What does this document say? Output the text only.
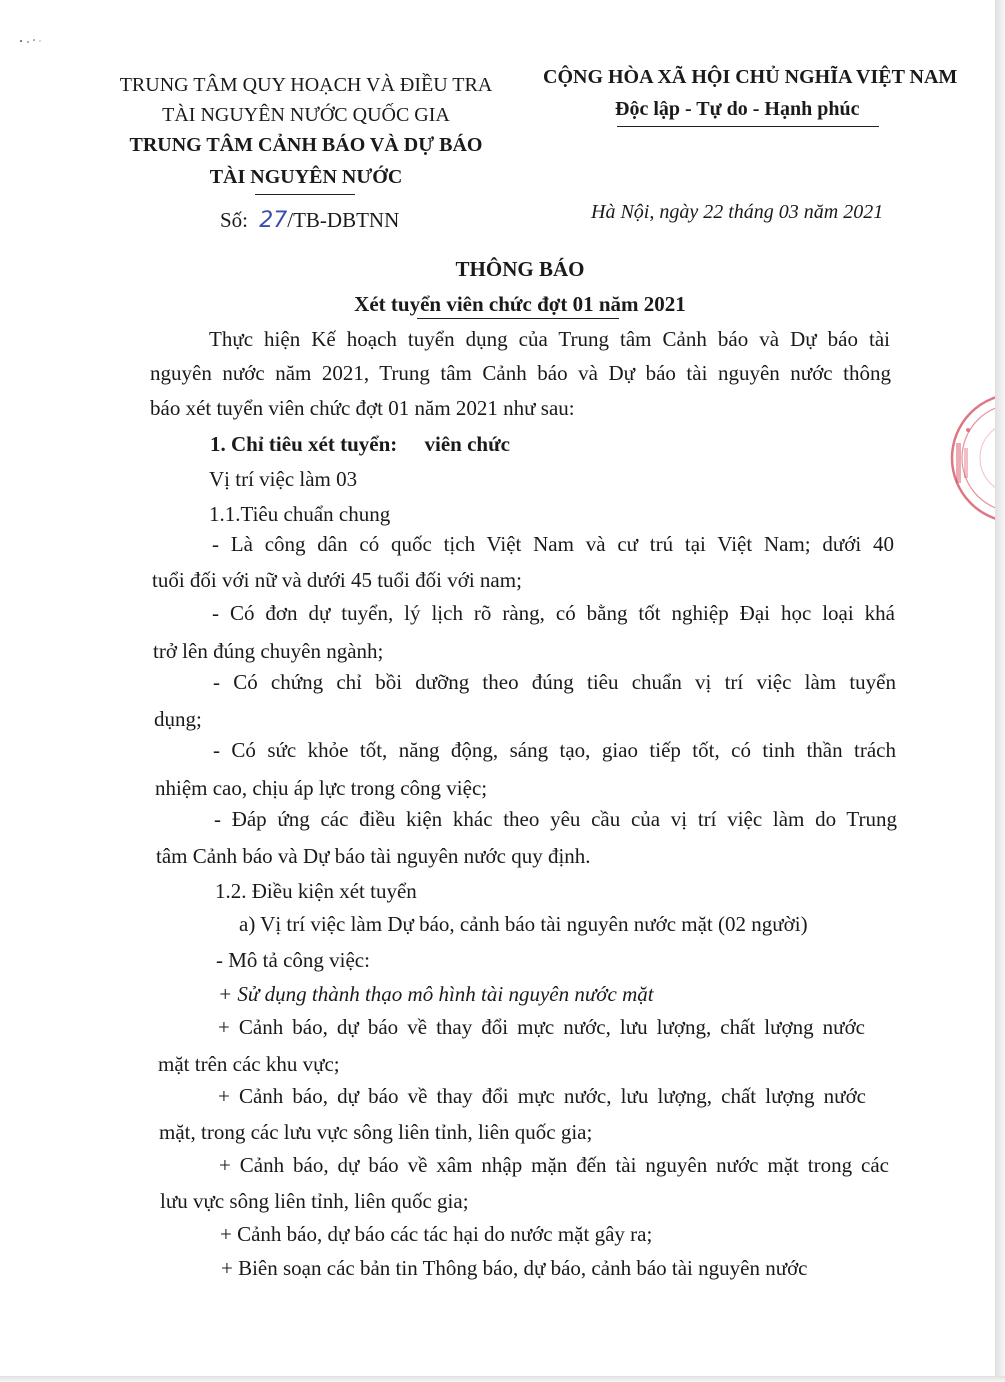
TRUNG TÂM QUY HOẠCH VÀ ĐIỀU TRA
TÀI NGUYÊN NƯỚC QUỐC GIA
TRUNG TÂM CẢNH BÁO VÀ DỰ BÁO
TÀI NGUYÊN NƯỚC
CỘNG HÒA XÃ HỘI CHỦ NGHĨA VIỆT NAM
Độc lập - Tự do - Hạnh phúc
Số: 27/TB-DBTNN	Hà Nội, ngày 22 tháng 03 năm 2021
THÔNG BÁO
Xét tuyển viên chức đợt 01 năm 2021
Thực hiện Kế hoạch tuyển dụng của Trung tâm Cảnh báo và Dự báo tài
nguyên nước năm 2021, Trung tâm Cảnh báo và Dự báo tài nguyên nước thông
báo xét tuyển viên chức đợt 01 năm 2021 như sau:
1. Chỉ tiêu xét tuyển: viên chức
Vị trí việc làm 03
1.1.Tiêu chuẩn chung
- Là công dân có quốc tịch Việt Nam và cư trú tại Việt Nam; dưới 40
tuổi đối với nữ và dưới 45 tuổi đối với nam;
- Có đơn dự tuyển, lý lịch rõ ràng, có bằng tốt nghiệp Đại học loại khá
trở lên đúng chuyên ngành;
- Có chứng chỉ bồi dưỡng theo đúng tiêu chuẩn vị trí việc làm tuyển
dụng;
- Có sức khỏe tốt, năng động, sáng tạo, giao tiếp tốt, có tinh thần trách
nhiệm cao, chịu áp lực trong công việc;
- Đáp ứng các điều kiện khác theo yêu cầu của vị trí việc làm do Trung
tâm Cảnh báo và Dự báo tài nguyên nước quy định.
1.2. Điều kiện xét tuyển
a) Vị trí việc làm Dự báo, cảnh báo tài nguyên nước mặt (02 người)
- Mô tả công việc:
+ Sử dụng thành thạo mô hình tài nguyên nước mặt
+ Cảnh báo, dự báo về thay đổi mực nước, lưu lượng, chất lượng nước
mặt trên các khu vực;
+ Cảnh báo, dự báo về thay đổi mực nước, lưu lượng, chất lượng nước
mặt, trong các lưu vực sông liên tỉnh, liên quốc gia;
+ Cảnh báo, dự báo về xâm nhập mặn đến tài nguyên nước mặt trong các
lưu vực sông liên tỉnh, liên quốc gia;
+ Cảnh báo, dự báo các tác hại do nước mặt gây ra;
+ Biên soạn các bản tin Thông báo, dự báo, cảnh báo tài nguyên nước
